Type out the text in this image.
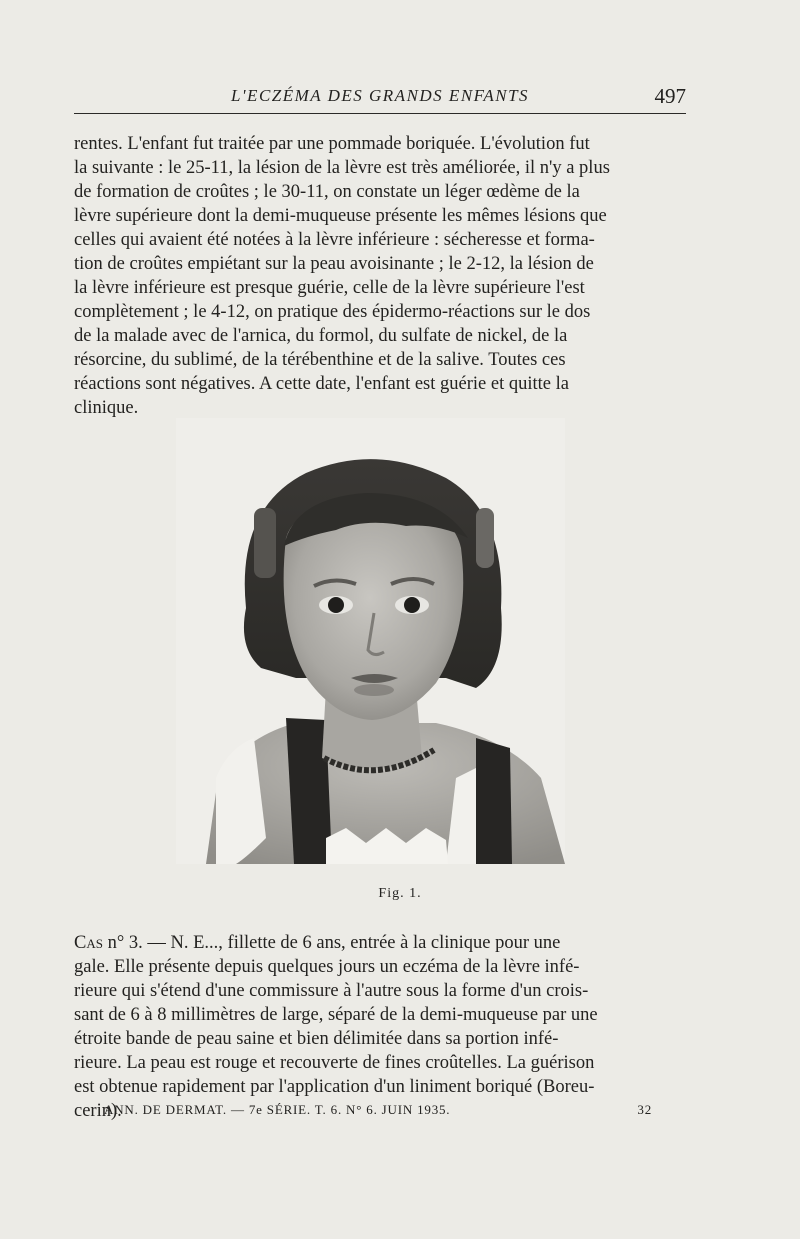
L'ECZÉMA DES GRANDS ENFANTS	497

rentes. L'enfant fut traitée par une pommade boriquée. L'évolution fut
la suivante : le 25-11, la lésion de la lèvre est très améliorée, il n'y a plus
de formation de croûtes ; le 30-11, on constate un léger œdème de la
lèvre supérieure dont la demi-muqueuse présente les mêmes lésions que
celles qui avaient été notées à la lèvre inférieure : sécheresse et forma-
tion de croûtes empiétant sur la peau avoisinante ; le 2-12, la lésion de
la lèvre inférieure est presque guérie, celle de la lèvre supérieure l'est
complètement ; le 4-12, on pratique des épidermo-réactions sur le dos
de la malade avec de l'arnica, du formol, du sulfate de nickel, de la
résorcine, du sublimé, de la térébenthine et de la salive. Toutes ces
réactions sont négatives. A cette date, l'enfant est guérie et quitte la
clinique.

Fig. 1.

Cas n° 3. — N. E..., fillette de 6 ans, entrée à la clinique pour une
gale. Elle présente depuis quelques jours un eczéma de la lèvre infé-
rieure qui s'étend d'une commissure à l'autre sous la forme d'un crois-
sant de 6 à 8 millimètres de large, séparé de la demi-muqueuse par une
étroite bande de peau saine et bien délimitée dans sa portion infé-
rieure. La peau est rouge et recouverte de fines croûtelles. La guérison
est obtenue rapidement par l'application d'un liniment boriqué (Boreu-
cerin).

ANN. DE DERMAT. — 7e SÉRIE. T. 6. N° 6. JUIN 1935.	32
